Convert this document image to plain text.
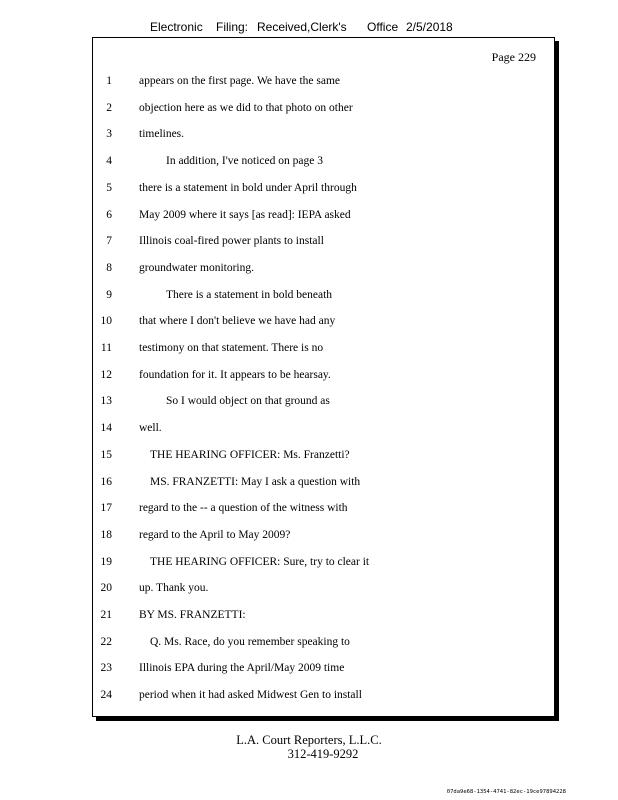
Electronic Filing: Received,Clerk's Office 2/5/2018
Page 229
1 appears on the first page. We have the same
2 objection here as we did to that photo on other
3 timelines.
4	In addition, I've noticed on page 3
5 there is a statement in bold under April through
6 May 2009 where it says [as read]: IEPA asked
7 Illinois coal-fired power plants to install
8 groundwater monitoring.
9	There is a statement in bold beneath
10 that where I don't believe we have had any
11 testimony on that statement. There is no
12 foundation for it. It appears to be hearsay.
13	So I would object on that ground as
14 well.
15	THE HEARING OFFICER: Ms. Franzetti?
16	MS. FRANZETTI: May I ask a question with
17 regard to the -- a question of the witness with
18 regard to the April to May 2009?
19	THE HEARING OFFICER: Sure, try to clear it
20 up. Thank you.
21 BY MS. FRANZETTI:
22	Q. Ms. Race, do you remember speaking to
23 Illinois EPA during the April/May 2009 time
24 period when it had asked Midwest Gen to install
L.A. Court Reporters, L.L.C.
312-419-9292
07da9e68-1354-4741-82ec-19ce97894228
